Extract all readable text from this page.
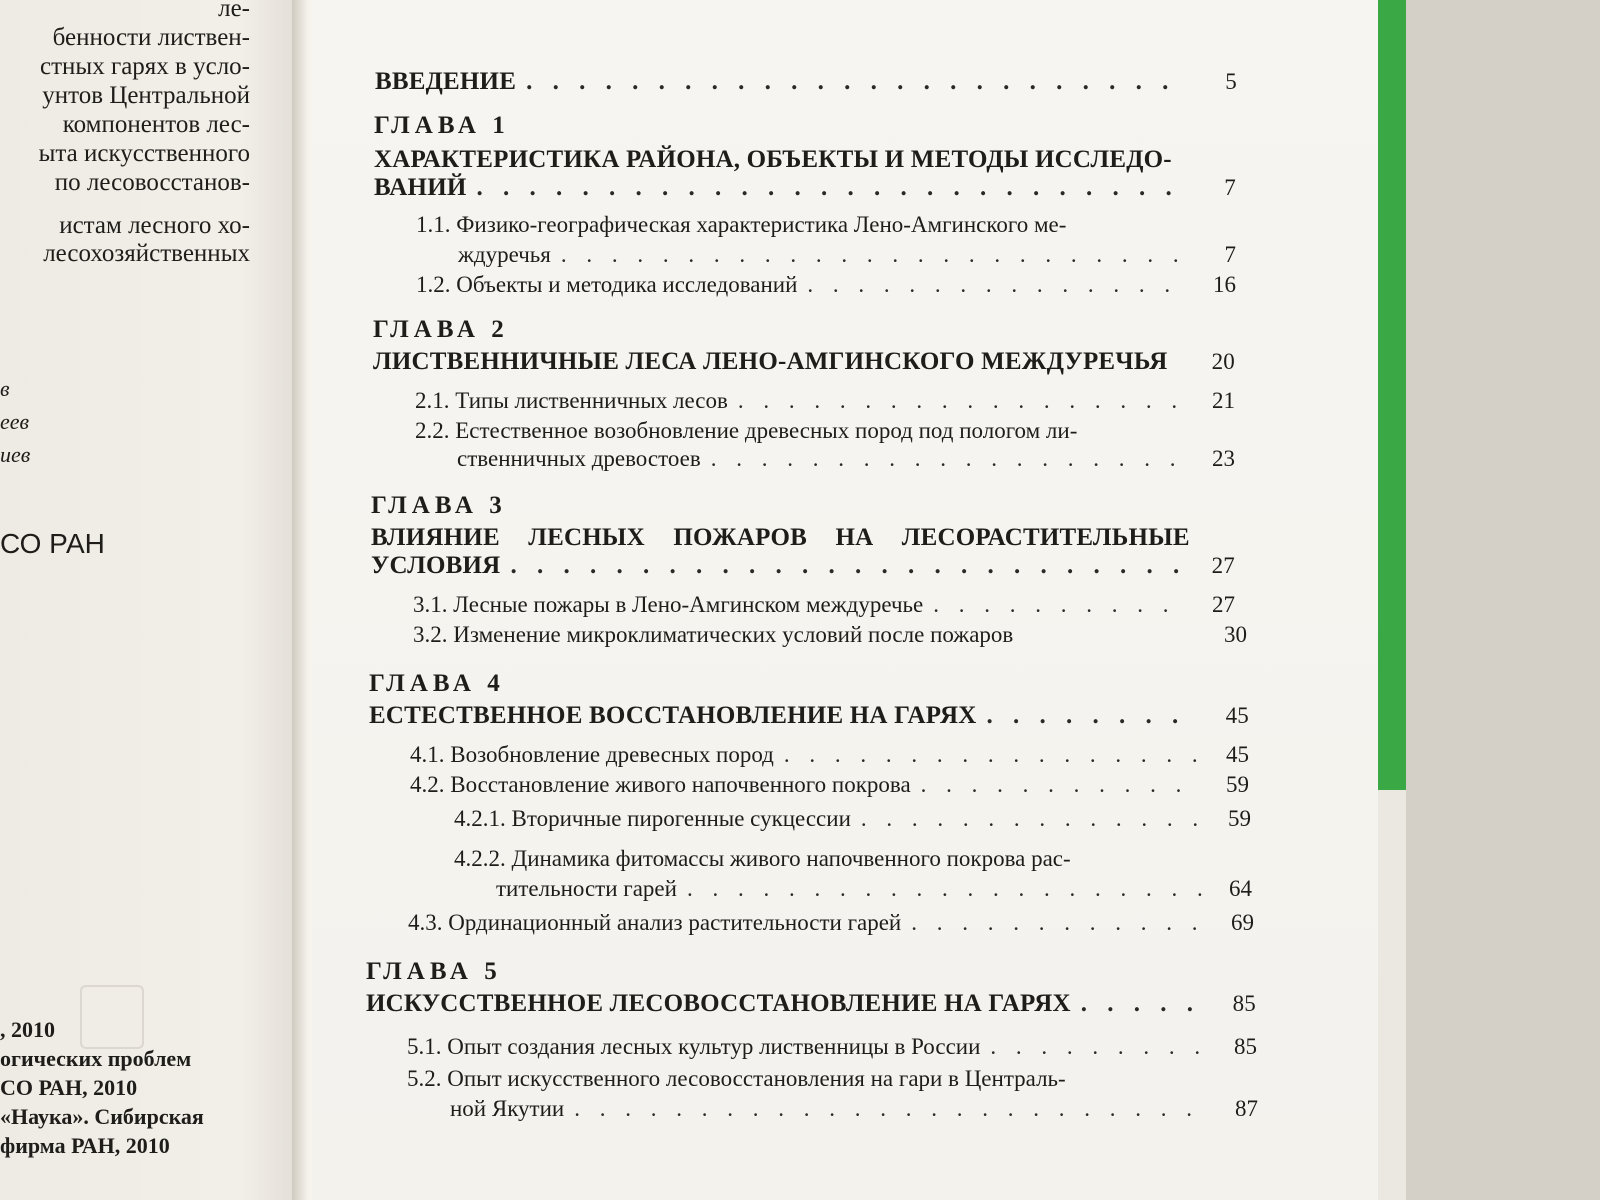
ле-
бенности листвен-
стных гарях в усло-
унтов Центральной
компонентов лес-
ыта искусственного
по лесовосстанов-
истам лесного хо-
лесохозяйственных
в
еев
иев
СО РАН
, 2010
огических проблем
СО РАН, 2010
«Наука». Сибирская
фирма РАН, 2010
ВВЕДЕНИЕ . . .	5
ГЛАВА 1
ХАРАКТЕРИСТИКА РАЙОНА, ОБЪЕКТЫ И МЕТОДЫ ИССЛЕДО-
ВАНИЙ . . .	7
1.1. Физико-географическая характеристика Лено-Амгинского ме-
ждуречья . . .	7
1.2. Объекты и методика исследований . . .	16
ГЛАВА 2
ЛИСТВЕННИЧНЫЕ ЛЕСА ЛЕНО-АМГИНСКОГО МЕЖДУРЕЧЬЯ	20
2.1. Типы лиственничных лесов . . .	21
2.2. Естественное возобновление древесных пород под пологом ли-
ственничных древостоев . . .	23
ГЛАВА 3
ВЛИЯНИЕ ЛЕСНЫХ ПОЖАРОВ НА ЛЕСОРАСТИТЕЛЬНЫЕ
УСЛОВИЯ . . .	27
3.1. Лесные пожары в Лено-Амгинском междуречье . . .	27
3.2. Изменение микроклиматических условий после пожаров	30
ГЛАВА 4
ЕСТЕСТВЕННОЕ ВОССТАНОВЛЕНИЕ НА ГАРЯХ . . .	45
4.1. Возобновление древесных пород . . .	45
4.2. Восстановление живого напочвенного покрова . . .	59
4.2.1. Вторичные пирогенные сукцессии . . .	59
4.2.2. Динамика фитомассы живого напочвенного покрова рас-
тительности гарей . . .	64
4.3. Ординационный анализ растительности гарей . . .	69
ГЛАВА 5
ИСКУССТВЕННОЕ ЛЕСОВОССТАНОВЛЕНИЕ НА ГАРЯХ . . .	85
5.1. Опыт создания лесных культур лиственницы в России . . .	85
5.2. Опыт искусственного лесовосстановления на гари в Централь-
ной Якутии . . .	87
